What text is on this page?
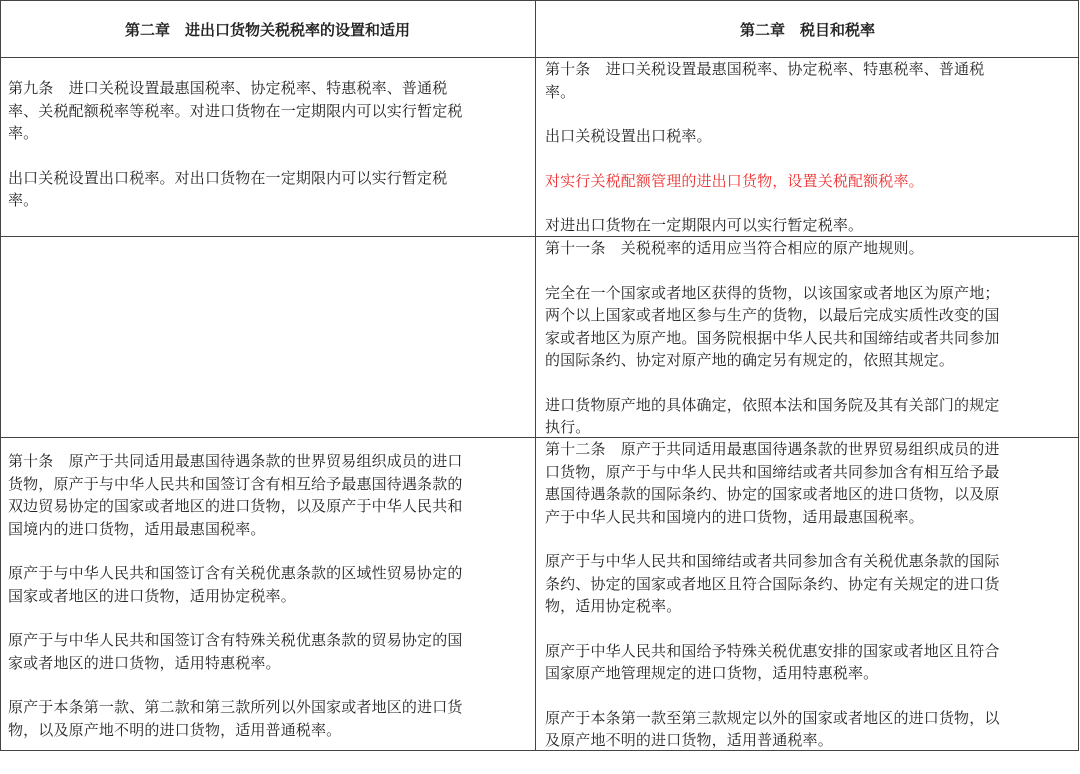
第二章　进出口货物关税税率的设置和适用	第二章　税目和税率

第九条　进口关税设置最惠国税率、协定税率、特惠税率、普通税
率、关税配额税率等税率。对进口货物在一定期限内可以实行暂定税
率。

出口关税设置出口税率。对出口货物在一定期限内可以实行暂定税
率。

第十条　进口关税设置最惠国税率、协定税率、特惠税率、普通税
率。

出口关税设置出口税率。

对实行关税配额管理的进出口货物，设置关税配额税率。

对进出口货物在一定期限内可以实行暂定税率。

第十一条　关税税率的适用应当符合相应的原产地规则。

完全在一个国家或者地区获得的货物，以该国家或者地区为原产地；
两个以上国家或者地区参与生产的货物，以最后完成实质性改变的国
家或者地区为原产地。国务院根据中华人民共和国缔结或者共同参加
的国际条约、协定对原产地的确定另有规定的，依照其规定。

进口货物原产地的具体确定，依照本法和国务院及其有关部门的规定
执行。

第十条　原产于共同适用最惠国待遇条款的世界贸易组织成员的进口
货物，原产于与中华人民共和国签订含有相互给予最惠国待遇条款的
双边贸易协定的国家或者地区的进口货物，以及原产于中华人民共和
国境内的进口货物，适用最惠国税率。

原产于与中华人民共和国签订含有关税优惠条款的区域性贸易协定的
国家或者地区的进口货物，适用协定税率。

原产于与中华人民共和国签订含有特殊关税优惠条款的贸易协定的国
家或者地区的进口货物，适用特惠税率。

原产于本条第一款、第二款和第三款所列以外国家或者地区的进口货
物，以及原产地不明的进口货物，适用普通税率。

第十二条　原产于共同适用最惠国待遇条款的世界贸易组织成员的进
口货物，原产于与中华人民共和国缔结或者共同参加含有相互给予最
惠国待遇条款的国际条约、协定的国家或者地区的进口货物，以及原
产于中华人民共和国境内的进口货物，适用最惠国税率。

原产于与中华人民共和国缔结或者共同参加含有关税优惠条款的国际
条约、协定的国家或者地区且符合国际条约、协定有关规定的进口货
物，适用协定税率。

原产于中华人民共和国给予特殊关税优惠安排的国家或者地区且符合
国家原产地管理规定的进口货物，适用特惠税率。

原产于本条第一款至第三款规定以外的国家或者地区的进口货物，以
及原产地不明的进口货物，适用普通税率。
